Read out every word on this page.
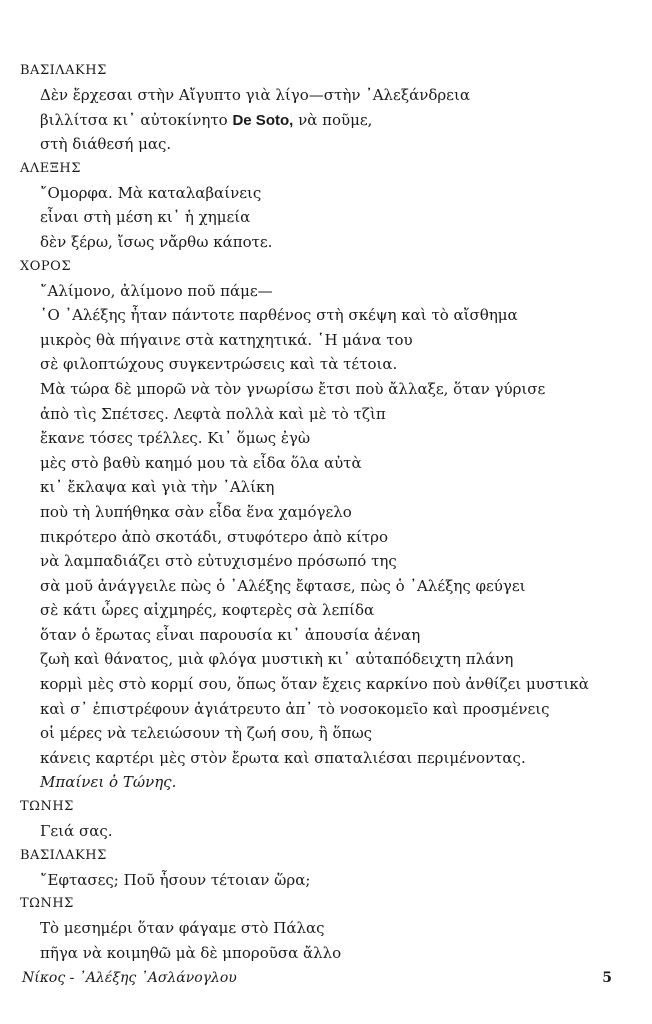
ΒΑΣΙΛΑΚΗΣ
Δὲν ἔρχεσαι στὴν Αἴγυπτο γιὰ λίγο—στὴν ᾿Αλεξάνδρεια
βιλλίτσα κι᾿ αὐτοκίνητο De Soto, νὰ ποῦμε,
στὴ διάθεσή μας.
ΑΛΕΞΗΣ
῎Ομορφα. Μὰ καταλαβαίνεις
εἶναι στὴ μέση κι᾿ ἡ χημεία
δὲν ξέρω, ἴσως νἄρθω κάποτε.
ΧΟΡΟΣ
῎Αλίμονο, ἀλίμονο ποῦ πάμε—
῾Ο ᾿Αλέξης ἦταν πάντοτε παρθένος στὴ σκέψη καὶ τὸ αἴσθημα
μικρὸς θὰ πήγαινε στὰ κατηχητικά. ῾Η μάνα του
σὲ φιλοπτώχους συγκεντρώσεις καὶ τὰ τέτοια.
Μὰ τώρα δὲ μπορῶ νὰ τὸν γνωρίσω ἔτσι ποὺ ἄλλαξε, ὅταν γύρισε
ἀπὸ τὶς Σπέτσες. Λεφτὰ πολλὰ καὶ μὲ τὸ τζὶπ
ἔκανε τόσες τρέλλες. Κι᾿ ὅμως ἐγὼ
μὲς στὸ βαθὺ καημό μου τὰ εἶδα ὅλα αὐτὰ
κι᾿ ἔκλαψα καὶ γιὰ τὴν ᾿Αλίκη
ποὺ τὴ λυπήθηκα σὰν εἶδα ἕνα χαμόγελο
πικρότερο ἀπὸ σκοτάδι, στυφότερο ἀπὸ κίτρο
νὰ λαμπαδιάζει στὸ εὐτυχισμένο πρόσωπό της
σὰ μοῦ ἀνάγγειλε πὼς ὁ ᾿Αλέξης ἔφτασε, πὼς ὁ ᾿Αλέξης φεύγει
σὲ κάτι ὧρες αἰχμηρές, κοφτερὲς σὰ λεπίδα
ὅταν ὁ ἔρωτας εἶναι παρουσία κι᾿ ἀπουσία ἀέναη
ζωὴ καὶ θάνατος, μιὰ φλόγα μυστικὴ κι᾿ αὐταπόδειχτη πλάνη
κορμὶ μὲς στὸ κορμί σου, ὅπως ὅταν ἔχεις καρκίνο ποὺ ἀνθίζει μυστικὰ
καὶ σ᾿ ἐπιστρέφουν ἀγιάτρευτο ἀπ᾿ τὸ νοσοκομεῖο καὶ προσμένεις
οἱ μέρες νὰ τελειώσουν τὴ ζωή σου, ἢ ὅπως
κάνεις καρτέρι μὲς στὸν ἔρωτα καὶ σπαταλιέσαι περιμένοντας.
Μπαίνει ὁ Τώνης.
ΤΩΝΗΣ
Γειά σας.
ΒΑΣΙΛΑΚΗΣ
῎Εφτασες; Ποῦ ἦσουν τέτοιαν ὥρα;
ΤΩΝΗΣ
Τὸ μεσημέρι ὅταν φάγαμε στὸ Πάλας
πῆγα νὰ κοιμηθῶ μὰ δὲ μποροῦσα ἄλλο
Νίκος - ᾿Αλέξης ᾿Ασλάνογλου	5
